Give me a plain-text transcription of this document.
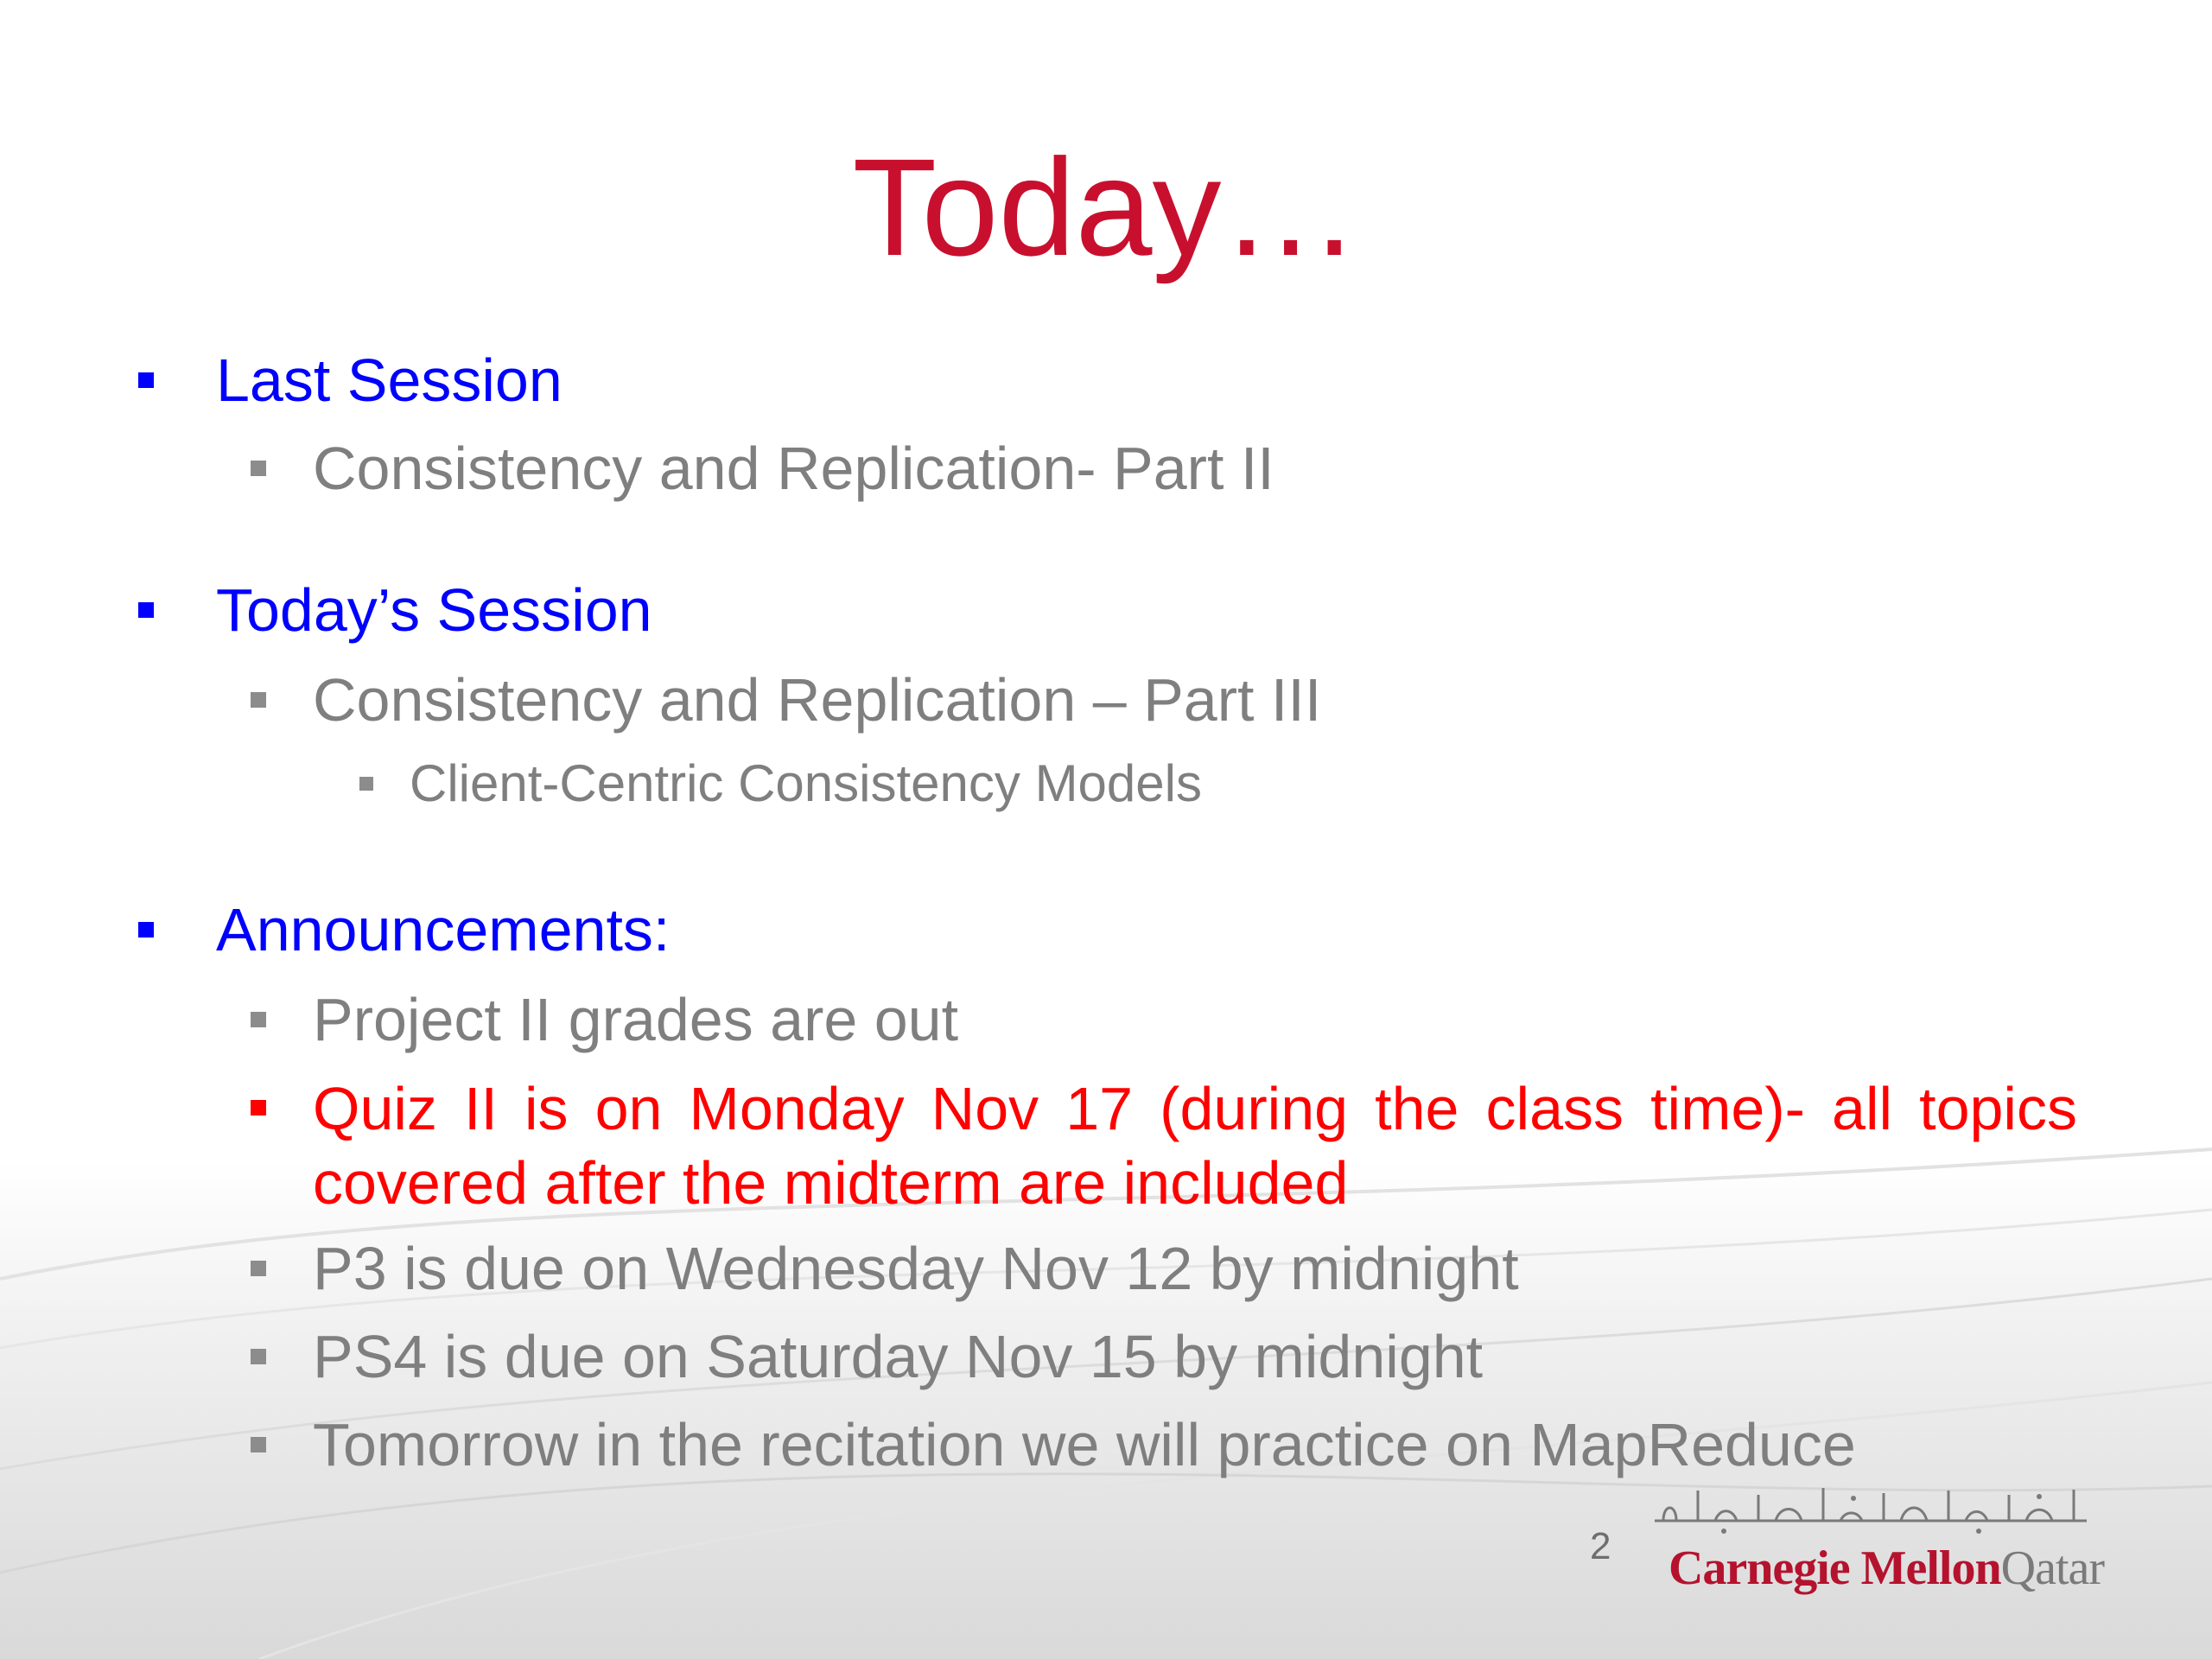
Today…
Last Session
Consistency and Replication- Part II
Today’s Session
Consistency and Replication – Part III
Client-Centric Consistency Models
Announcements:
Project II grades are out
Quiz II is on Monday Nov 17 (during the class time)- all topics covered after the midterm are included
P3 is due on Wednesday Nov 12 by midnight
PS4 is due on Saturday Nov 15 by midnight
Tomorrow in the recitation we will practice on MapReduce
2	Carnegie MellonQatar
